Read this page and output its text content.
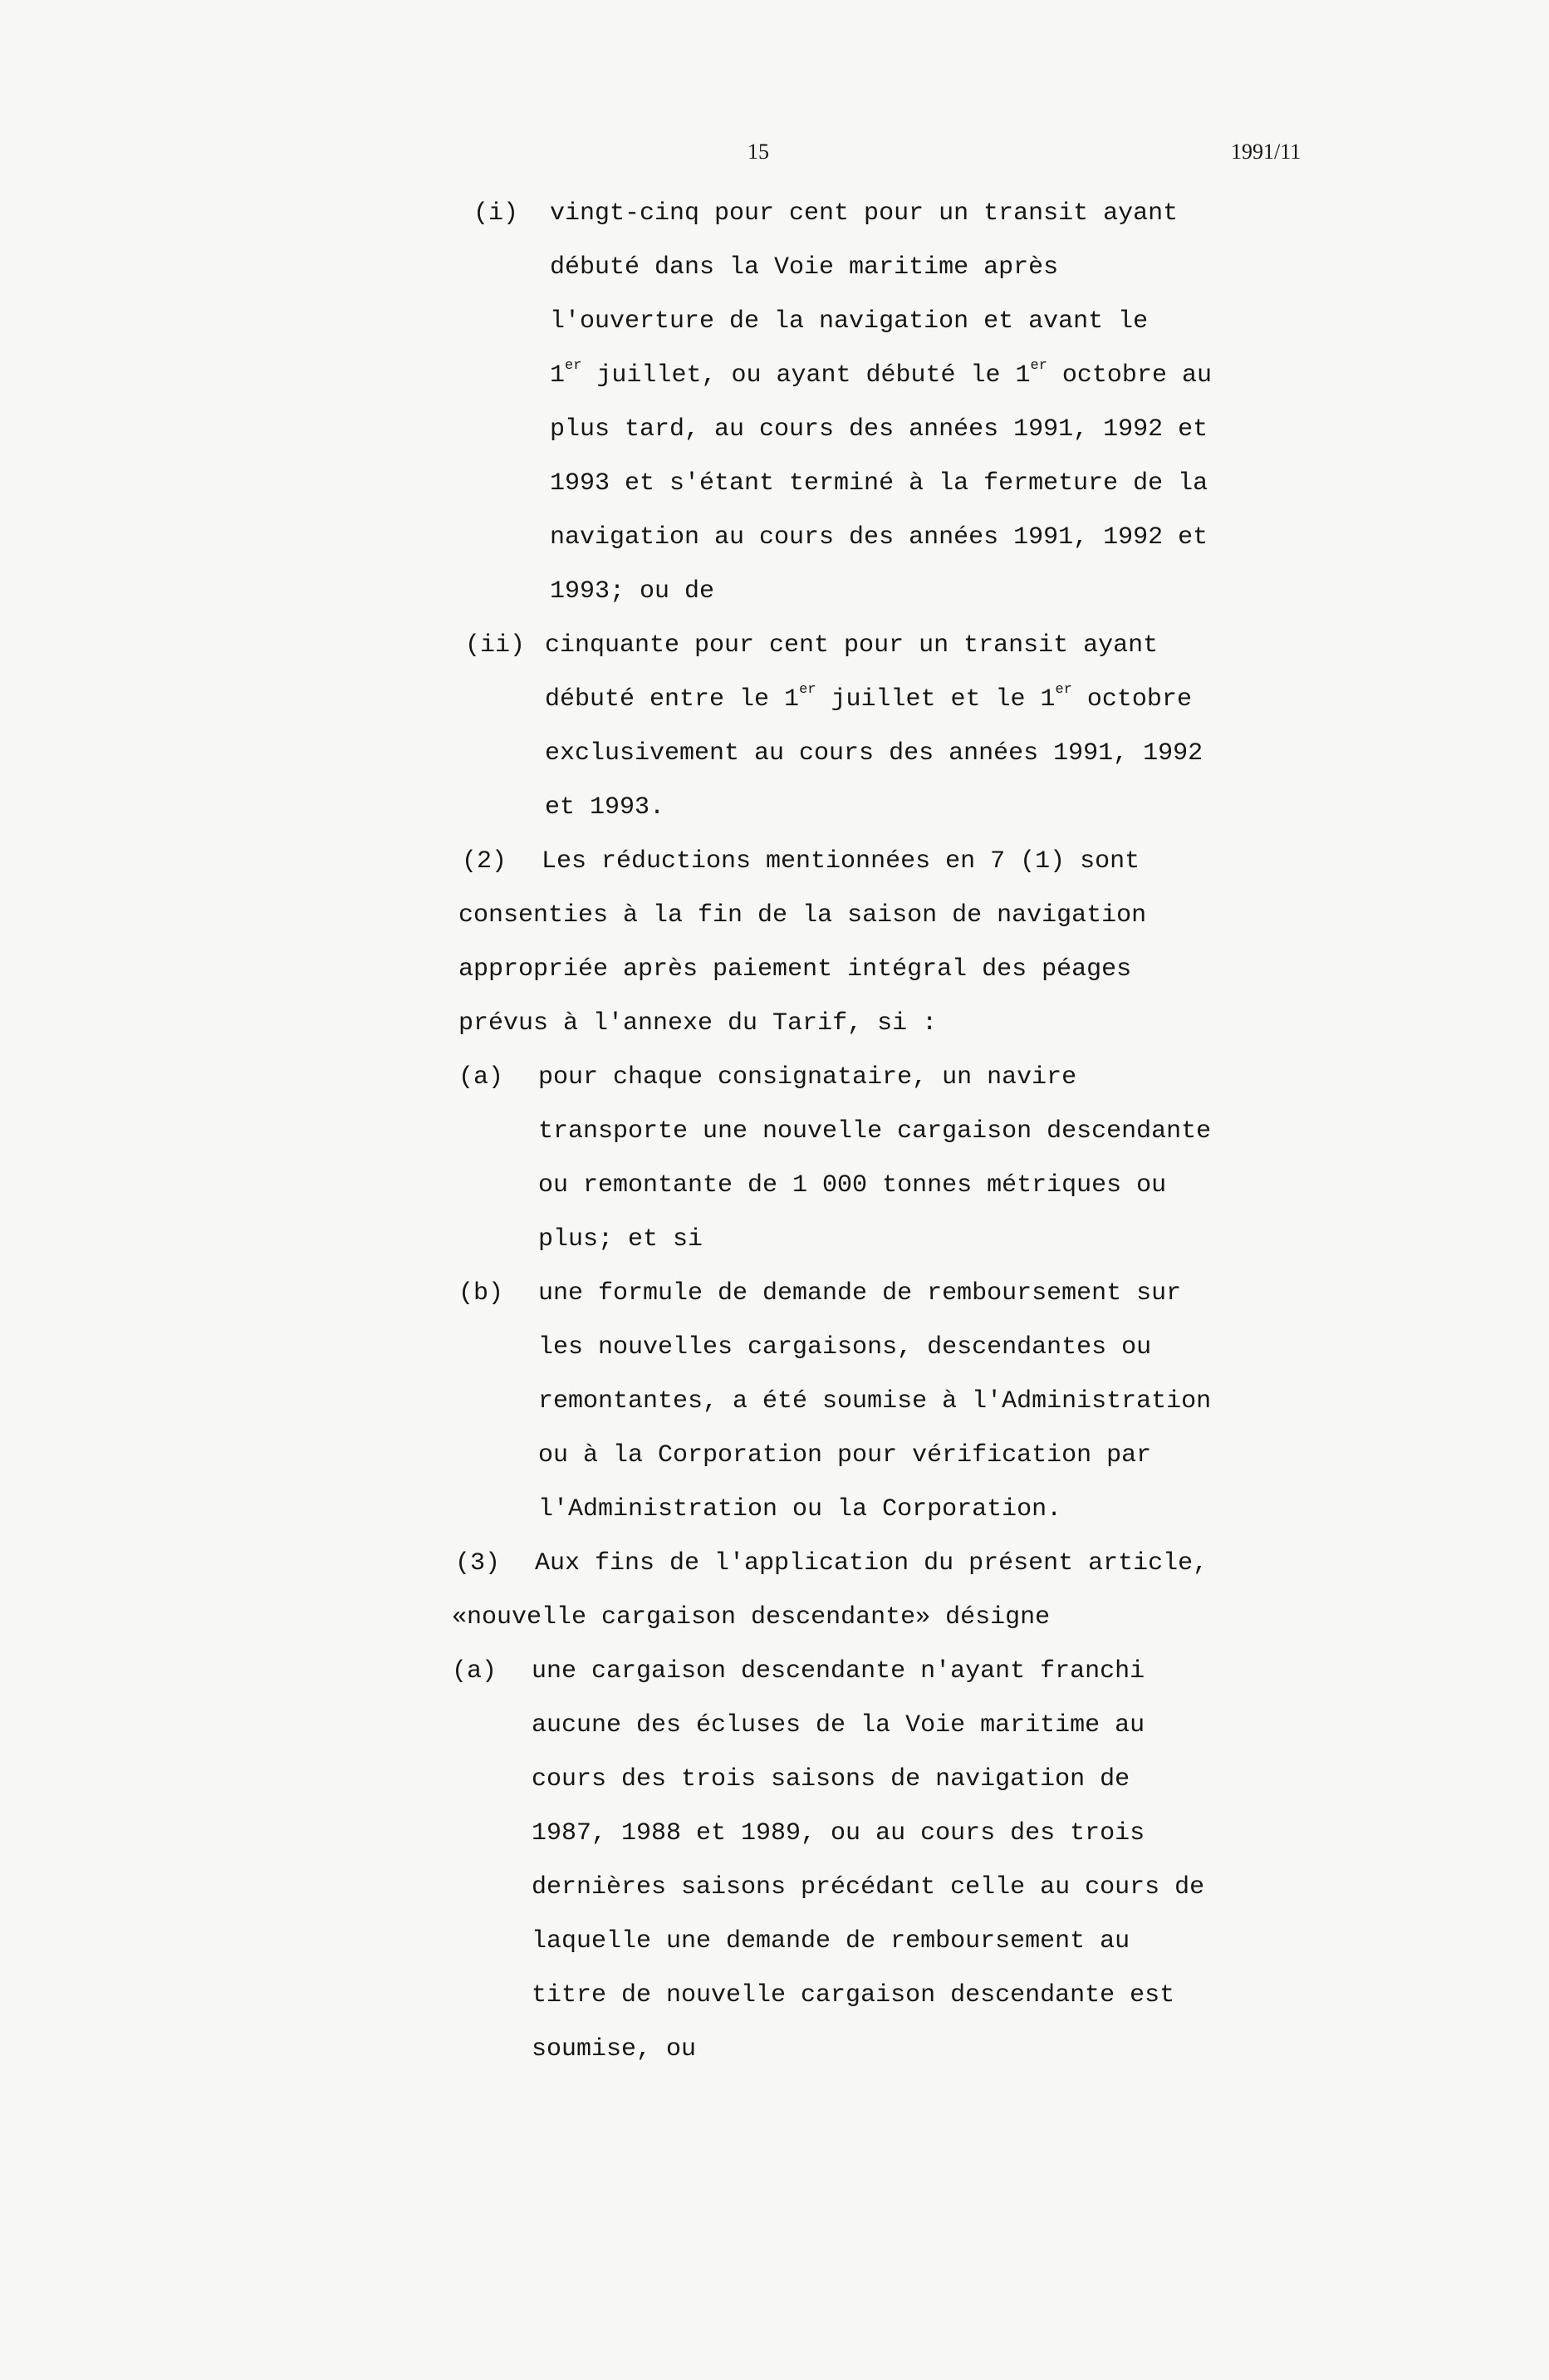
15	1991/11
(i) vingt-cinq pour cent pour un transit ayant
débuté dans la Voie maritime après
l'ouverture de la navigation et avant le
1er juillet, ou ayant débuté le 1er octobre au
plus tard, au cours des années 1991, 1992 et
1993 et s'étant terminé à la fermeture de la
navigation au cours des années 1991, 1992 et
1993; ou de
(ii) cinquante pour cent pour un transit ayant
débuté entre le 1er juillet et le 1er octobre
exclusivement au cours des années 1991, 1992
et 1993.
(2) Les réductions mentionnées en 7 (1) sont
consenties à la fin de la saison de navigation
appropriée après paiement intégral des péages
prévus à l'annexe du Tarif, si :
(a) pour chaque consignataire, un navire
transporte une nouvelle cargaison descendante
ou remontante de 1 000 tonnes métriques ou
plus; et si
(b) une formule de demande de remboursement sur
les nouvelles cargaisons, descendantes ou
remontantes, a été soumise à l'Administration
ou à la Corporation pour vérification par
l'Administration ou la Corporation.
(3) Aux fins de l'application du présent article,
«nouvelle cargaison descendante» désigne
(a) une cargaison descendante n'ayant franchi
aucune des écluses de la Voie maritime au
cours des trois saisons de navigation de
1987, 1988 et 1989, ou au cours des trois
dernières saisons précédant celle au cours de
laquelle une demande de remboursement au
titre de nouvelle cargaison descendante est
soumise, ou
